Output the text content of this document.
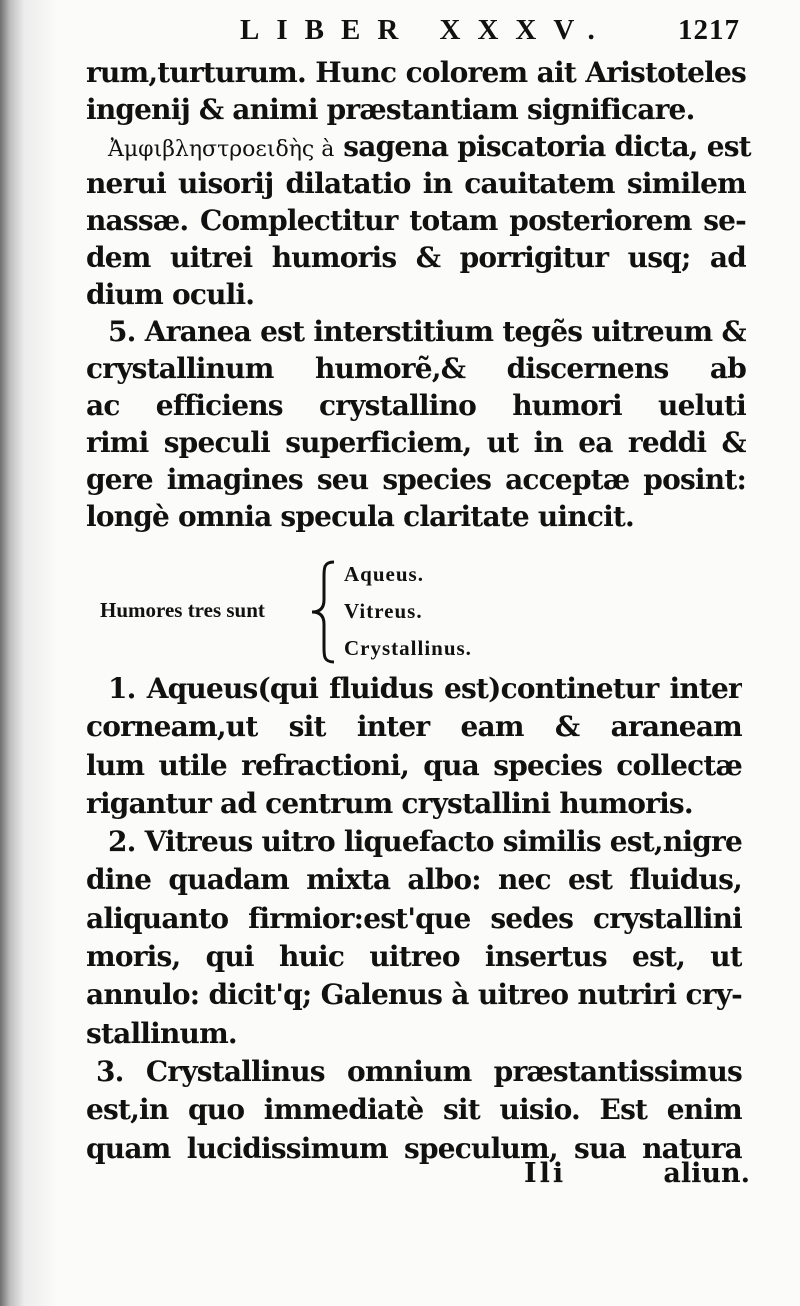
LIBER XXXV. 1217
rum,turturum. Hunc colorem ait Aristoteles
ingenij & animi præstantiam significare.
Ἀμφιβληστροειδὴς à sagena piscatoria dicta, est
nerui uisorij dilatatio in cauitatem similem
nassæ. Complectitur totam posteriorem se-
dem uitrei humoris & porrigitur usq; ad
dium oculi.
5. Aranea est interstitium tegẽs uitreum &
crystallinum humorẽ,& discernens ab
ac efficiens crystallino humori ueluti
rimi speculi superficiem, ut in ea reddi &
gere imagines seu species acceptæ posint:
longè omnia specula claritate uincit.
Humores tres sunt
Aqueus.
Vitreus.
Crystallinus.
1. Aqueus(qui fluidus est)continetur inter
corneam,ut sit inter eam & araneam
lum utile refractioni, qua species collectæ
rigantur ad centrum crystallini humoris.
2. Vitreus uitro liquefacto similis est,nigre
dine quadam mixta albo: nec est fluidus,
aliquanto firmior:est'que sedes crystallini
moris, qui huic uitreo insertus est, ut
annulo: dicit'q; Galenus à uitreo nutriri cry-
stallinum.
3. Crystallinus omnium præstantissimus
est,in quo immediatè sit uisio. Est enim
quam lucidissimum speculum, sua natura
Ili	aliun.
